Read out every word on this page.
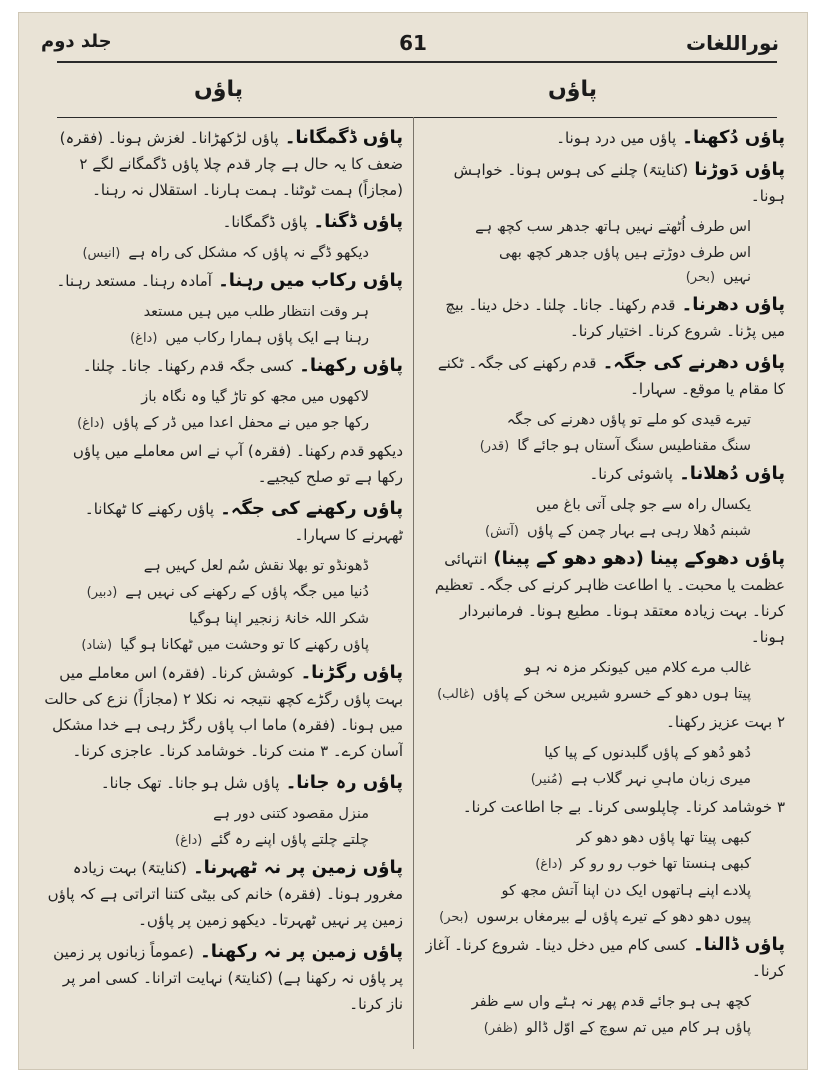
نوراللغات
61
جلد دوم
پاؤں
پاؤں
پاؤں دُکھنا۔ پاؤں میں درد ہونا۔
پاؤں دَوڑنا (کنایتہً) چلنے کی ہوس ہونا۔ خواہش ہونا۔
اس طرف اُٹھتے نہیں ہاتھ جدھر سب کچھ ہے
اس طرف دوڑتے ہیں پاؤں جدھر کچھ بھی نہیں(بحر)
پاؤں دھرنا۔ قدم رکھنا۔ جانا۔ چلنا۔ دخل دینا۔ بیچ میں پڑنا۔ شروع کرنا۔ اختیار کرنا۔
پاؤں دھرنے کی جگہ۔ قدم رکھنے کی جگہ۔ ٹکنے کا مقام یا موقع۔ سہارا۔
تیرے قیدی کو ملے تو پاؤں دھرنے کی جگہ
سنگ مقناطیس سنگ آستاں ہو جائے گا(قدر)
پاؤں دُھلانا۔ پاشوئی کرنا۔
یکسال راہ سے جو چلی آتی باغ میں
شبنم دُھلا رہی ہے بہار چمن کے پاؤں(آتش)
پاؤں دھوکے پینا (دھو دھو کے پینا) انتہائی عظمت یا محبت۔ یا اطاعت ظاہر کرنے کی جگہ۔ تعظیم کرنا۔ بہت زیادہ معتقد ہونا۔ مطیع ہونا۔ فرمانبردار ہونا۔
غالب مرے کلام میں کیونکر مزہ نہ ہو
پیتا ہوں دھو کے خسرو شیریں سخن کے پاؤں(غالب)
۲ بہت عزیز رکھنا۔
دُھو دُھو کے پاؤں گلبدنوں کے پیا کیا
میری زبان ماہیِ نہر گلاب ہے(مُنیر)
۳ خوشامد کرنا۔ چاپلوسی کرنا۔ بے جا اطاعت کرنا۔
کبھی پیتا تھا پاؤں دھو دھو کر
کبھی ہنستا تھا خوب رو رو کر(داغ)
پلادے اپنے ہاتھوں ایک دن اپنا آتش مجھ کو
پیوں دھو دھو کے تیرے پاؤں لے بیرمغاں برسوں(بحر)
پاؤں ڈالنا۔ کسی کام میں دخل دینا۔ شروع کرنا۔ آغاز کرنا۔
کچھ ہی ہو جائے قدم پھر نہ ہٹے واں سے ظفر
پاؤں ہر کام میں تم سوچ کے اوّل ڈالو(ظفر)
پاؤں ڈگمگانا۔ پاؤں لڑکھڑانا۔ لغزش ہونا۔ (فقرہ) ضعف کا یہ حال ہے چار قدم چلا پاؤں ڈگمگانے لگے ۲ (مجازاً) ہمت ٹوٹنا۔ ہمت ہارنا۔ استقلال نہ رہنا۔
پاؤں ڈگنا۔ پاؤں ڈگمگانا۔
دیکھو ڈگے نہ پاؤں کہ مشکل کی راہ ہے(انیس)
پاؤں رکاب میں رہنا۔ آمادہ رہنا۔ مستعد رہنا۔
ہر وقت انتظار طلب میں ہیں مستعد
رہنا ہے ایک پاؤں ہمارا رکاب میں(داغ)
پاؤں رکھنا۔ کسی جگہ قدم رکھنا۔ جانا۔ چلنا۔
لاکھوں میں مجھ کو تاڑ گیا وہ نگاہ باز
رکھا جو میں نے محفل اعدا میں ڈر کے پاؤں(داغ)
دیکھو قدم رکھنا۔ (فقرہ) آپ نے اس معاملے میں پاؤں رکھا ہے تو صلح کیجیے۔
پاؤں رکھنے کی جگہ۔ پاؤں رکھنے کا ٹھکانا۔ ٹھہرنے کا سہارا۔
ڈھونڈو تو بھلا نقش سُم لعل کہیں ہے
دُنیا میں جگہ پاؤں کے رکھنے کی نہیں ہے(دبیر)
شکر اللہ خانۂ زنجیر اپنا ہوگیا
پاؤں رکھنے کا تو وحشت میں ٹھکانا ہو گیا(شاد)
پاؤں رگڑنا۔ کوشش کرنا۔ (فقرہ) اس معاملے میں بہت پاؤں رگڑے کچھ نتیجہ نہ نکلا ۲ (مجازاً) نزع کی حالت میں ہونا۔ (فقرہ) ماما اب پاؤں رگڑ رہی ہے خدا مشکل آسان کرے۔ ۳ منت کرنا۔ خوشامد کرنا۔ عاجزی کرنا۔
پاؤں رہ جانا۔ پاؤں شل ہو جانا۔ تھک جانا۔
منزل مقصود کتنی دور ہے
چلتے چلتے پاؤں اپنے رہ گئے(داغ)
پاؤں زمین پر نہ ٹھہرنا۔ (کنایتہً) بہت زیادہ مغرور ہونا۔ (فقرہ) خانم کی بیٹی کتنا اتراتی ہے کہ پاؤں زمین پر نہیں ٹھہرتا۔ دیکھو زمین پر پاؤں۔
پاؤں زمین پر نہ رکھنا۔ (عموماً زبانوں پر زمین پر پاؤں نہ رکھنا ہے) (کنایتہً) نہایت اترانا۔ کسی امر پر ناز کرنا۔
